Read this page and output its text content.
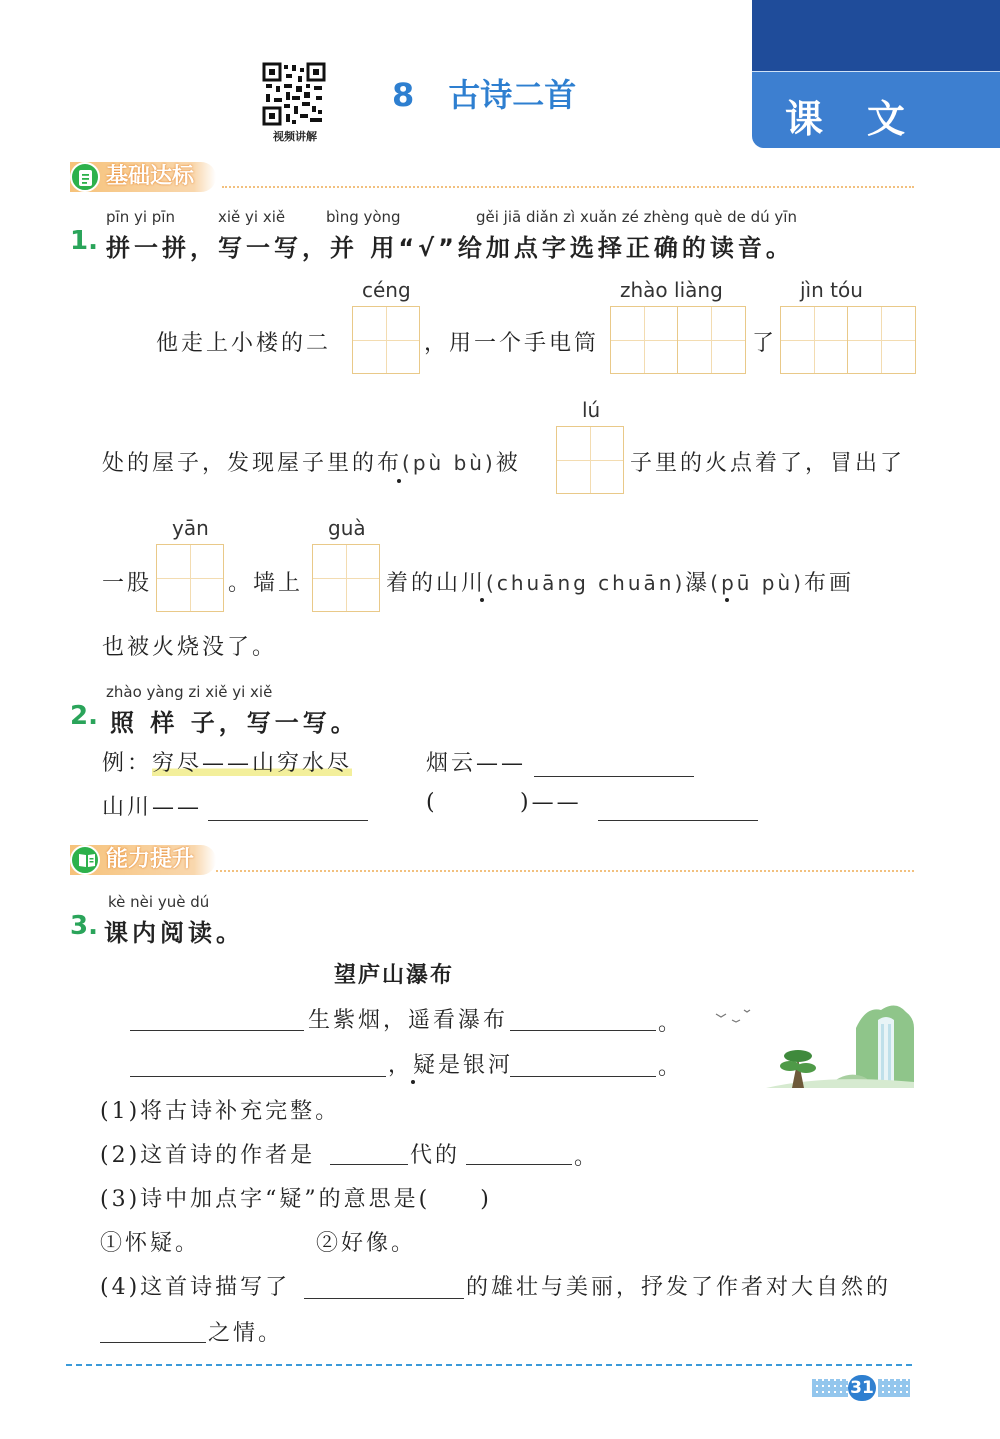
课文
视频讲解
8 古诗二首
基础达标
pīn yi pīn	xiě yi xiě	bìng yòng	gěi jiā diǎn zì xuǎn zé zhèng què de dú yīn
1. 拼一拼，写一写，并 用“√”给加点字选择正确的读音。
céng	zhào liàng	jìn tóu
他走上小楼的二	，用一个手电筒	了
lú
处的屋子，发现屋子里的布(pù bù)被	子里的火点着了，冒出了
yān	guà
一股	。墙上	着的山川(chuāng chuān)瀑(pū pù)布画
也被火烧没了。
zhào yàng zi xiě yi xiě
2. 照 样 子，写一写。
例：穷尽——山穷水尽	烟云——
山川——	(	)——
能力提升
kè nèi yuè dú
3. 课内阅读。
望庐山瀑布
生紫烟，遥看瀑布	。
，疑是银河	。
(1)将古诗补充完整。
(2)这首诗的作者是	代的	。
(3)诗中加点字“疑”的意思是(　　)
①怀疑。	②好像。
(4)这首诗描写了	的雄壮与美丽，抒发了作者对大自然的
之情。
31
